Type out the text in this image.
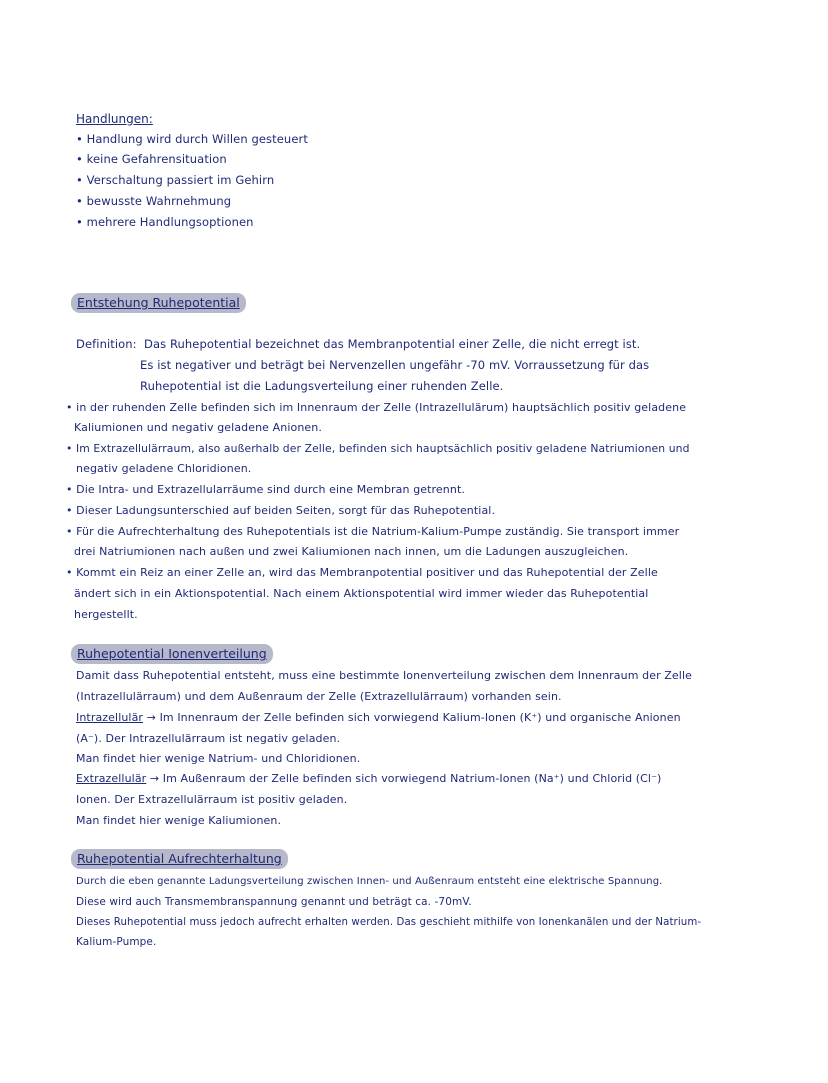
Handlungen:
• Handlung wird durch Willen gesteuert
• keine Gefahrensituation
• Verschaltung passiert im Gehirn
• bewusste Wahrnehmung
• mehrere Handlungsoptionen
Entstehung Ruhepotential
Definition: Das Ruhepotential bezeichnet das Membranpotential einer Zelle, die nicht erregt ist.
Es ist negativer und beträgt bei Nervenzellen ungefähr -70 mV. Vorraussetzung für das
Ruhepotential ist die Ladungsverteilung einer ruhenden Zelle.
• in der ruhenden Zelle befinden sich im Innenraum der Zelle (Intrazellulärum) hauptsächlich positiv geladene
Kaliumionen und negativ geladene Anionen.
• Im Extrazellulärraum, also außerhalb der Zelle, befinden sich hauptsächlich positiv geladene Natriumionen und
negativ geladene Chloridionen.
• Die Intra- und Extrazellularräume sind durch eine Membran getrennt.
• Dieser Ladungsunterschied auf beiden Seiten, sorgt für das Ruhepotential.
• Für die Aufrechterhaltung des Ruhepotentials ist die Natrium-Kalium-Pumpe zuständig. Sie transport immer
drei Natriumionen nach außen und zwei Kaliumionen nach innen, um die Ladungen auszugleichen.
• Kommt ein Reiz an einer Zelle an, wird das Membranpotential positiver und das Ruhepotential der Zelle
ändert sich in ein Aktionspotential. Nach einem Aktionspotential wird immer wieder das Ruhepotential
hergestellt.
Ruhepotential Ionenverteilung
Damit dass Ruhepotential entsteht, muss eine bestimmte Ionenverteilung zwischen dem Innenraum der Zelle
(Intrazellulärraum) und dem Außenraum der Zelle (Extrazellulärraum) vorhanden sein.
Intrazellulär → Im Innenraum der Zelle befinden sich vorwiegend Kalium-Ionen (K⁺) und organische Anionen
(A⁻). Der Intrazellulärraum ist negativ geladen.
Man findet hier wenige Natrium- und Chloridionen.
Extrazellulär → Im Außenraum der Zelle befinden sich vorwiegend Natrium-Ionen (Na⁺) und Chlorid (Cl⁻)
Ionen. Der Extrazellulärraum ist positiv geladen.
Man findet hier wenige Kaliumionen.
Ruhepotential Aufrechterhaltung
Durch die eben genannte Ladungsverteilung zwischen Innen- und Außenraum entsteht eine elektrische Spannung.
Diese wird auch Transmembranspannung genannt und beträgt ca. -70mV.
Dieses Ruhepotential muss jedoch aufrecht erhalten werden. Das geschieht mithilfe von Ionenkanälen und der Natrium-
Kalium-Pumpe.
